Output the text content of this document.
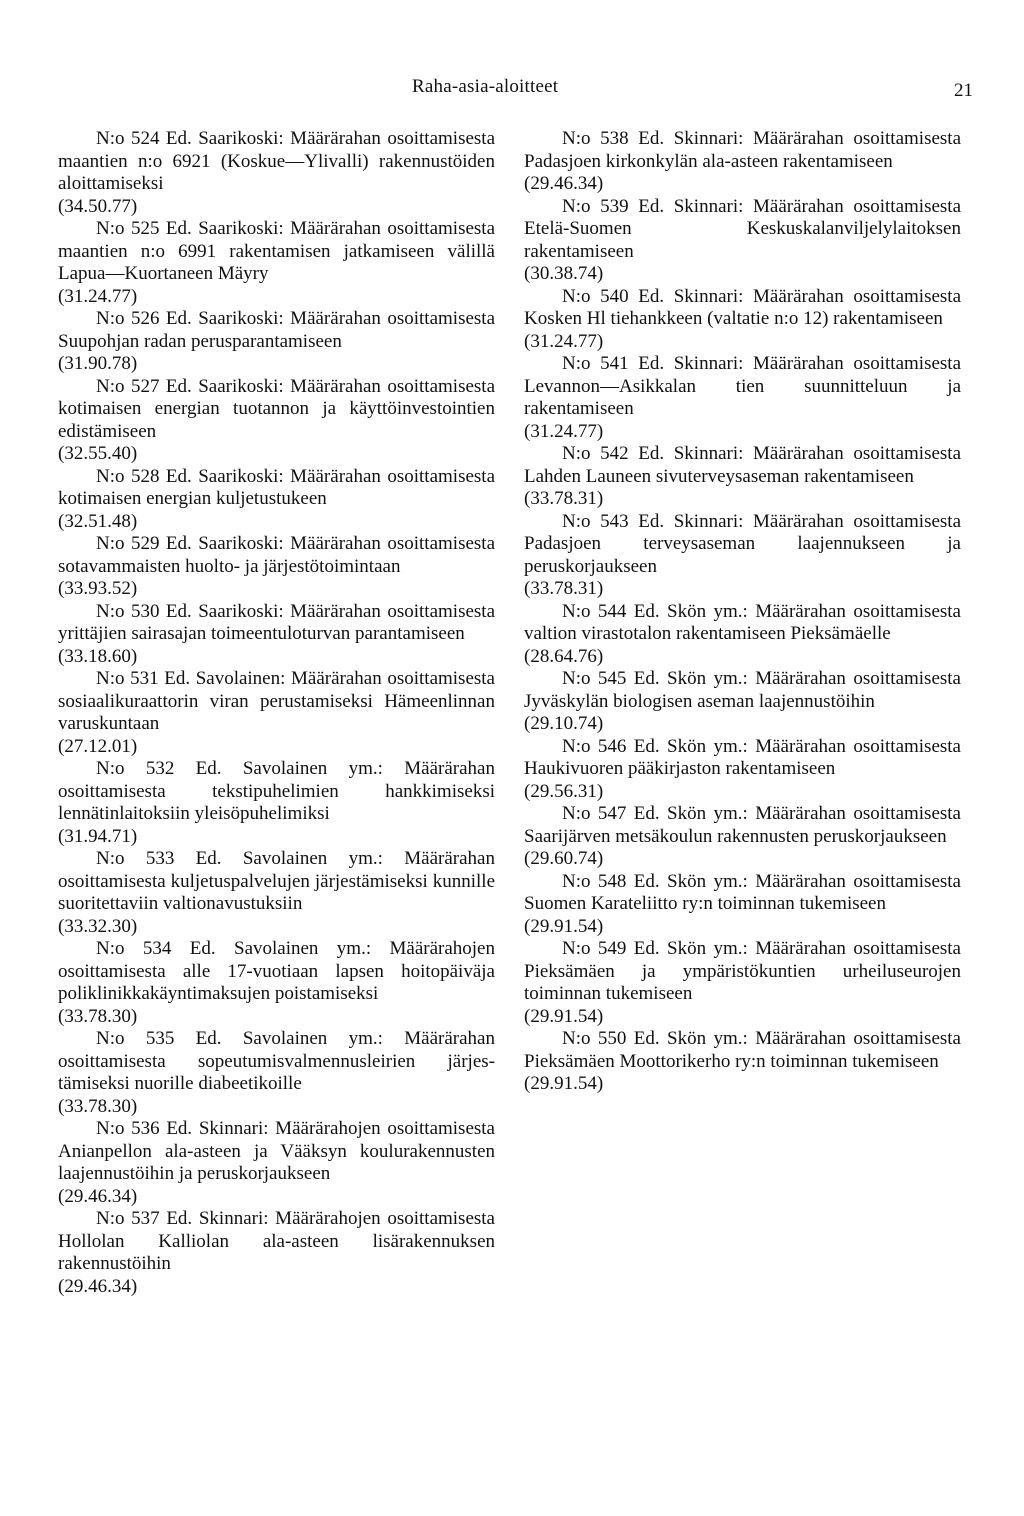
Raha-asia-aloitteet	21

N:o 524 Ed. Saarikoski: Määrärahan osoittamisesta maantien n:o 6921 (Koskue—Ylivalli) rakennustöiden aloittamiseksi
(34.50.77)

N:o 525 Ed. Saarikoski: Määrärahan osoittamisesta maantien n:o 6991 rakentamisen jatkamiseen välillä Lapua—Kuortaneen Mäyry
(31.24.77)

N:o 526 Ed. Saarikoski: Määrärahan osoittamisesta Suupohjan radan perusparantamiseen
(31.90.78)

N:o 527 Ed. Saarikoski: Määrärahan osoittamisesta kotimaisen energian tuotannon ja käyttöinvestointien edistämiseen
(32.55.40)

N:o 528 Ed. Saarikoski: Määrärahan osoittamisesta kotimaisen energian kuljetustukeen
(32.51.48)

N:o 529 Ed. Saarikoski: Määrärahan osoittamisesta sotavammaisten huolto- ja järjestötoimintaan
(33.93.52)

N:o 530 Ed. Saarikoski: Määrärahan osoittamisesta yrittäjien sairasajan toimeentuloturvan parantamiseen
(33.18.60)

N:o 531 Ed. Savolainen: Määrärahan osoittamisesta sosiaalikuraattorin viran perustamiseksi Hämeenlinnan varuskuntaan
(27.12.01)

N:o 532 Ed. Savolainen ym.: Määrärahan osoittamisesta tekstipuhelimien hankkimiseksi lennätinlaitoksiin yleisöpuhelimiksi
(31.94.71)

N:o 533 Ed. Savolainen ym.: Määrärahan osoittamisesta kuljetuspalvelujen järjestämiseksi kunnille suoritettaviin valtionavustuksiin
(33.32.30)

N:o 534 Ed. Savolainen ym.: Määrärahojen osoittamisesta alle 17-vuotiaan lapsen hoitopäiväja poliklinikkakäyntimaksujen poistamiseksi
(33.78.30)

N:o 535 Ed. Savolainen ym.: Määrärahan osoittamisesta sopeutumisvalmennusleirien järjestämiseksi nuorille diabeetikoille
(33.78.30)

N:o 536 Ed. Skinnari: Määrärahojen osoittamisesta Anianpellon ala-asteen ja Vääksyn koulurakennusten laajennustöihin ja peruskorjaukseen
(29.46.34)

N:o 537 Ed. Skinnari: Määrärahojen osoittamisesta Hollolan Kalliolan ala-asteen lisärakennuksen rakennustöihin
(29.46.34)

N:o 538 Ed. Skinnari: Määrärahan osoittamisesta Padasjoen kirkonkylän ala-asteen rakentamiseen
(29.46.34)

N:o 539 Ed. Skinnari: Määrärahan osoittamisesta Etelä-Suomen Keskuskalanviljelylaitoksen rakentamiseen
(30.38.74)

N:o 540 Ed. Skinnari: Määrärahan osoittamisesta Kosken Hl tiehankkeen (valtatie n:o 12) rakentamiseen
(31.24.77)

N:o 541 Ed. Skinnari: Määrärahan osoittamisesta Levannon—Asikkalan tien suunnitteluun ja rakentamiseen
(31.24.77)

N:o 542 Ed. Skinnari: Määrärahan osoittamisesta Lahden Launeen sivuterveysaseman rakentamiseen
(33.78.31)

N:o 543 Ed. Skinnari: Määrärahan osoittamisesta Padasjoen terveysaseman laajennukseen ja peruskorjaukseen
(33.78.31)

N:o 544 Ed. Skön ym.: Määrärahan osoittamisesta valtion virastotalon rakentamiseen Pieksämäelle
(28.64.76)

N:o 545 Ed. Skön ym.: Määrärahan osoittamisesta Jyväskylän biologisen aseman laajennustöihin
(29.10.74)

N:o 546 Ed. Skön ym.: Määrärahan osoittamisesta Haukivuoren pääkirjaston rakentamiseen
(29.56.31)

N:o 547 Ed. Skön ym.: Määrärahan osoittamisesta Saarijärven metsäkoulun rakennusten peruskorjaukseen
(29.60.74)

N:o 548 Ed. Skön ym.: Määrärahan osoittamisesta Suomen Karateliitto ry:n toiminnan tukemiseen
(29.91.54)

N:o 549 Ed. Skön ym.: Määrärahan osoittamisesta Pieksämäen ja ympäristökuntien urheiluseurojen toiminnan tukemiseen
(29.91.54)

N:o 550 Ed. Skön ym.: Määrärahan osoittamisesta Pieksämäen Moottorikerho ry:n toiminnan tukemiseen
(29.91.54)
